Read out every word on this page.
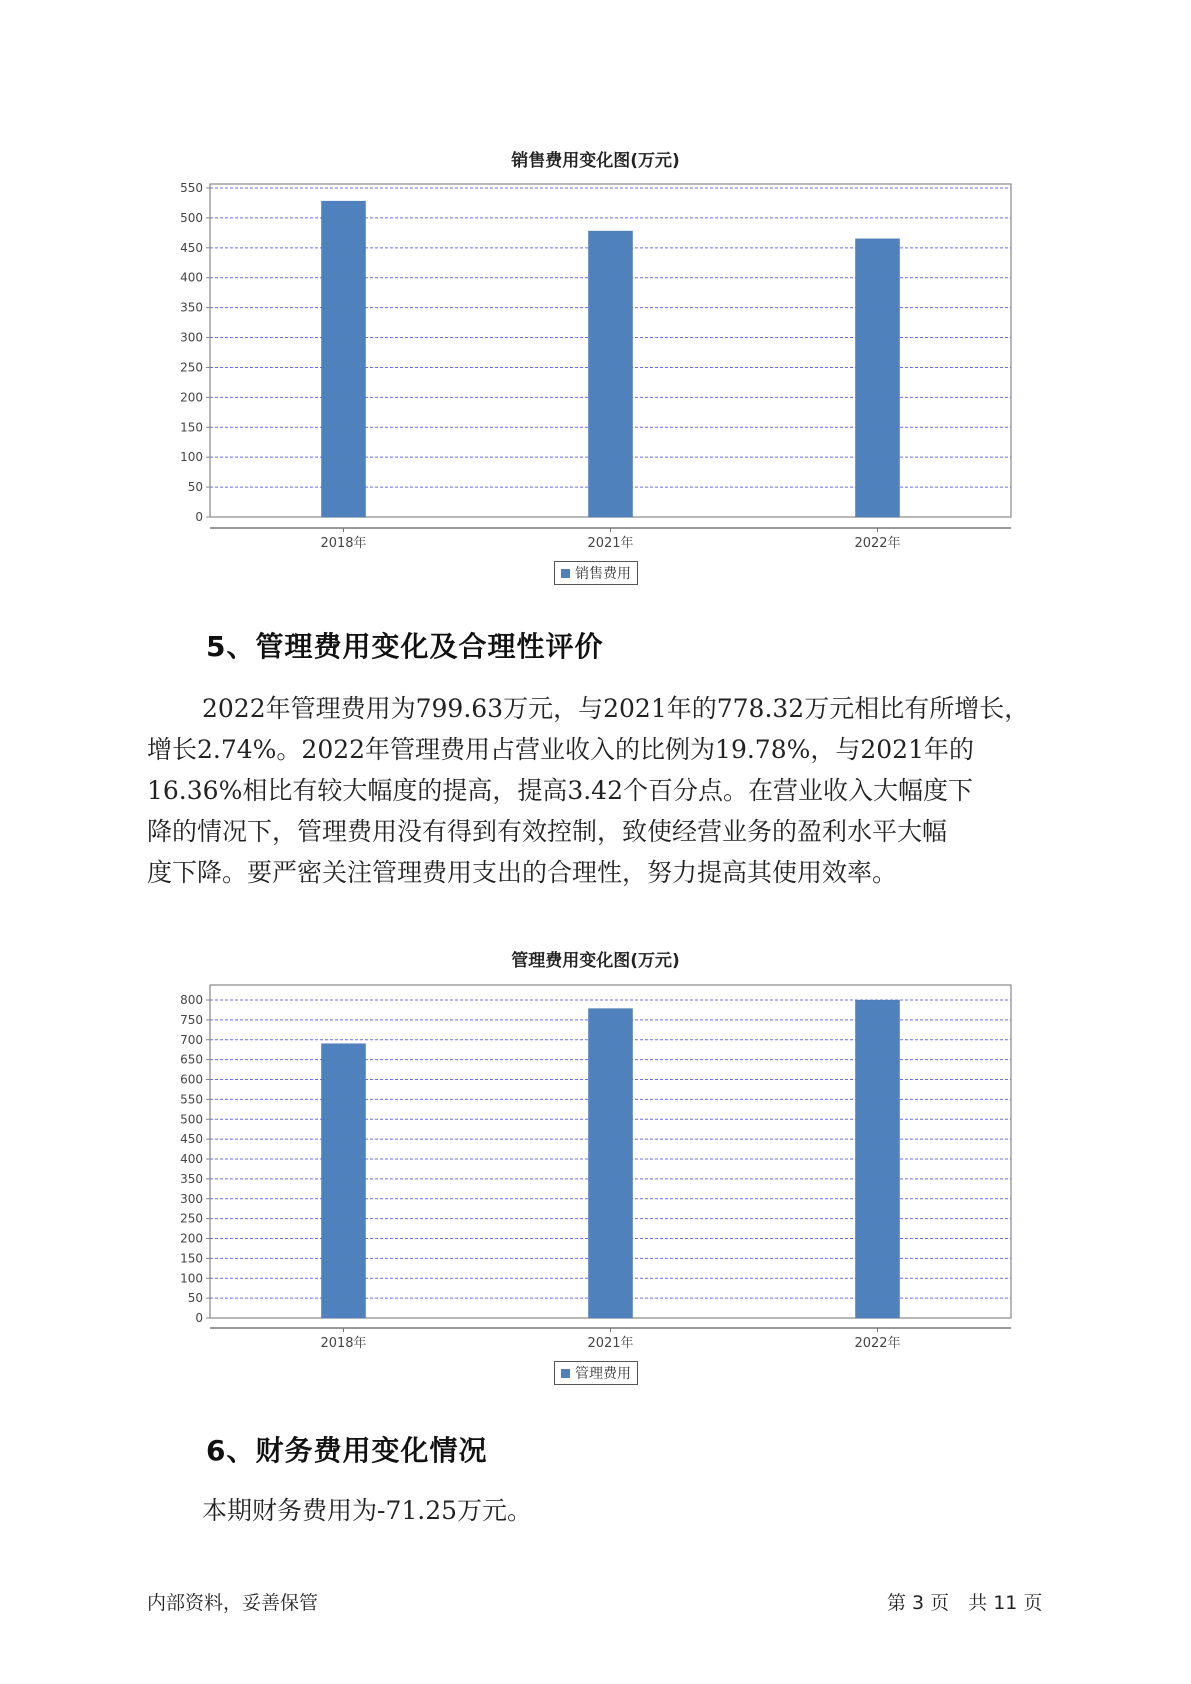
销售费用变化图(万元)
0
50
100
150
200
250
300
350
400
450
500
550
2018年	2021年	2022年
销售费用
5、管理费用变化及合理性评价
2022年管理费用为799.63万元，与2021年的778.32万元相比有所增长，
增长2.74%。2022年管理费用占营业收入的比例为19.78%，与2021年的
16.36%相比有较大幅度的提高，提高3.42个百分点。在营业收入大幅度下
降的情况下，管理费用没有得到有效控制，致使经营业务的盈利水平大幅
度下降。要严密关注管理费用支出的合理性，努力提高其使用效率。
管理费用变化图(万元)
0
50
100
150
200
250
300
350
400
450
500
550
600
650
700
750
800
2018年	2021年	2022年
管理费用
6、财务费用变化情况
本期财务费用为-71.25万元。
内部资料，妥善保管	第 3 页　共 11 页
